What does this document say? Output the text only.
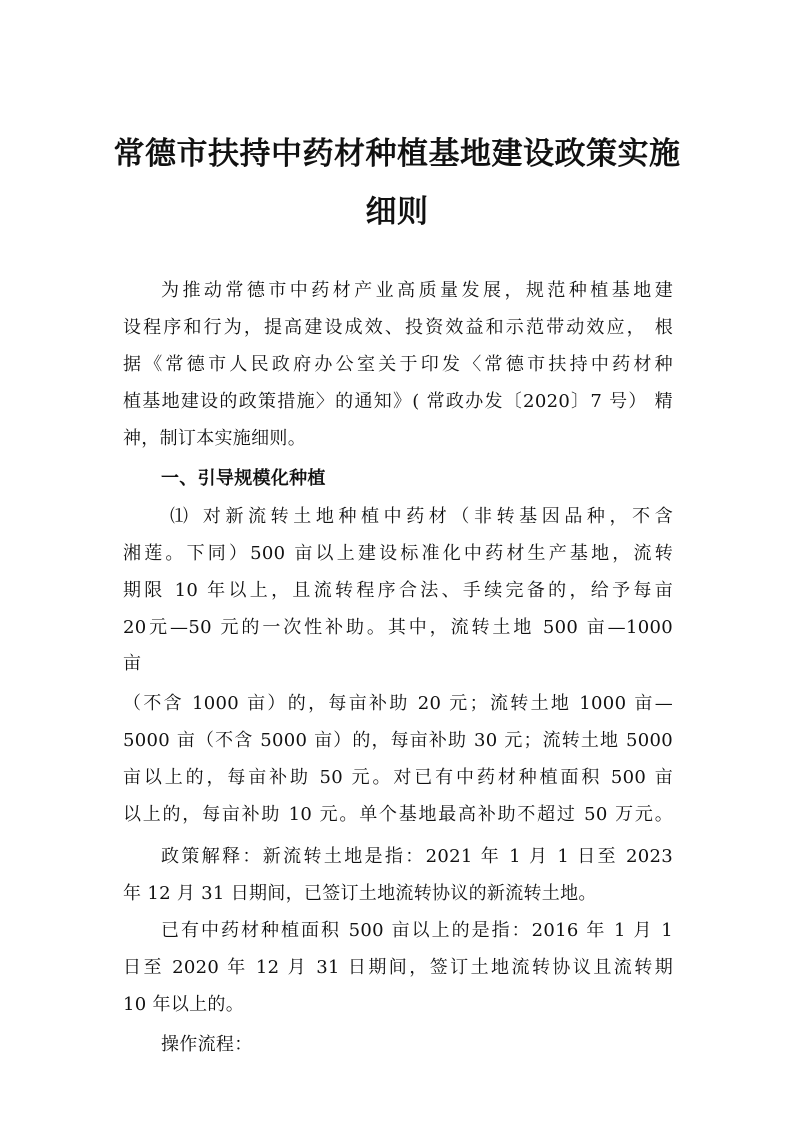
常德市扶持中药材种植基地建设政策实施
细则
为推动常德市中药材产业高质量发展，规范种植基地建
设程序和行为，提高建设成效、投资效益和示范带动效应， 根
据《常德市人民政府办公室关于印发〈常德市扶持中药材种
植基地建设的政策措施〉的通知》( 常政办发〔2020〕7 号） 精
神，制订本实施细则。
一、引导规模化种植
⑴ 对新流转土地种植中药材（非转基因品种，不含
湘莲。下同）500 亩以上建设标准化中药材生产基地，流转
期限 10 年以上，且流转程序合法、手续完备的，给予每亩
20元—50 元的一次性补助。其中，流转土地 500 亩—1000
亩
（不含 1000 亩）的，每亩补助 20 元；流转土地 1000 亩—
5000 亩（不含 5000 亩）的，每亩补助 30 元；流转土地 5000
亩以上的，每亩补助 50 元。对已有中药材种植面积 500 亩
以上的，每亩补助 10 元。单个基地最高补助不超过 50 万元。
政策解释：新流转土地是指：2021 年 1 月 1 日至 2023
年 12 月 31 日期间，已签订土地流转协议的新流转土地。
已有中药材种植面积 500 亩以上的是指：2016 年 1 月 1
日至 2020 年 12 月 31 日期间，签订土地流转协议且流转期
10 年以上的。
操作流程：
